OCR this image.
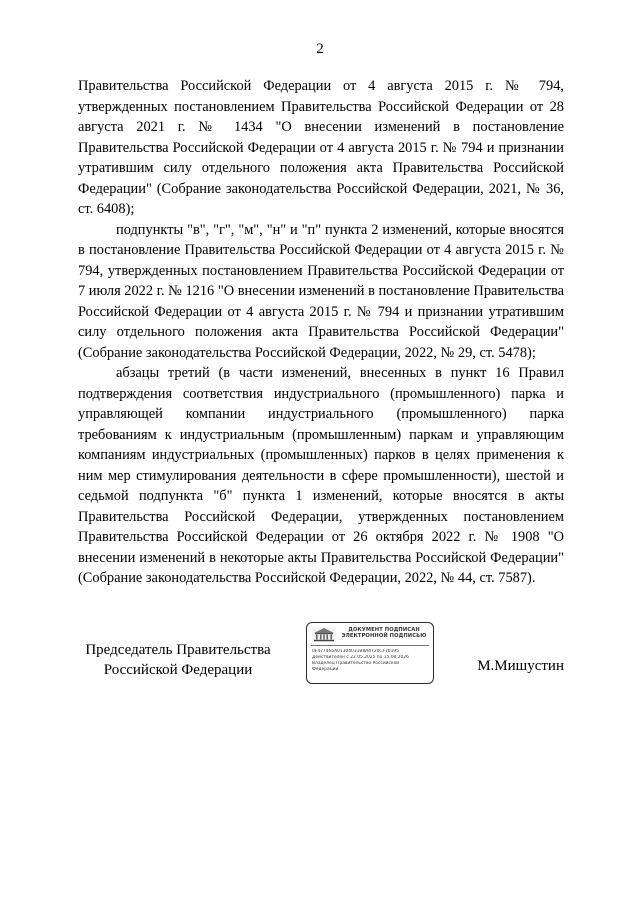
2

Правительства Российской Федерации от 4 августа 2015 г. № 794, утвержденных постановлением Правительства Российской Федерации от 28 августа 2021 г. № 1434 "О внесении изменений в постановление Правительства Российской Федерации от 4 августа 2015 г. № 794 и признании утратившим силу отдельного положения акта Правительства Российской Федерации" (Собрание законодательства Российской Федерации, 2021, № 36, ст. 6408);

подпункты "в", "г", "м", "н" и "п" пункта 2 изменений, которые вносятся в постановление Правительства Российской Федерации от 4 августа 2015 г. № 794, утвержденных постановлением Правительства Российской Федерации от 7 июля 2022 г. № 1216 "О внесении изменений в постановление Правительства Российской Федерации от 4 августа 2015 г. № 794 и признании утратившим силу отдельного положения акта Правительства Российской Федерации" (Собрание законодательства Российской Федерации, 2022, № 29, ст. 5478);

абзацы третий (в части изменений, внесенных в пункт 16 Правил подтверждения соответствия индустриального (промышленного) парка и управляющей компании индустриального (промышленного) парка требованиям к индустриальным (промышленным) паркам и управляющим компаниям индустриальных (промышленных) парков в целях применения к ним мер стимулирования деятельности в сфере промышленности), шестой и седьмой подпункта "б" пункта 1 изменений, которые вносятся в акты Правительства Российской Федерации, утвержденных постановлением Правительства Российской Федерации от 26 октября 2022 г. № 1908 "О внесении изменений в некоторые акты Правительства Российской Федерации" (Собрание законодательства Российской Федерации, 2022, № 44, ст. 7587).

Председатель Правительства
Российской Федерации
ДОКУМЕНТ ПОДПИСАН
ЭЛЕКТРОННОЙ ПОДПИСЬЮ
0F477465A01304031B8A4720CF70195
Действителен с 22.05.2025 по 15.08.2026
Владелец Правительство Российской
Федерации	М.Мишустин
